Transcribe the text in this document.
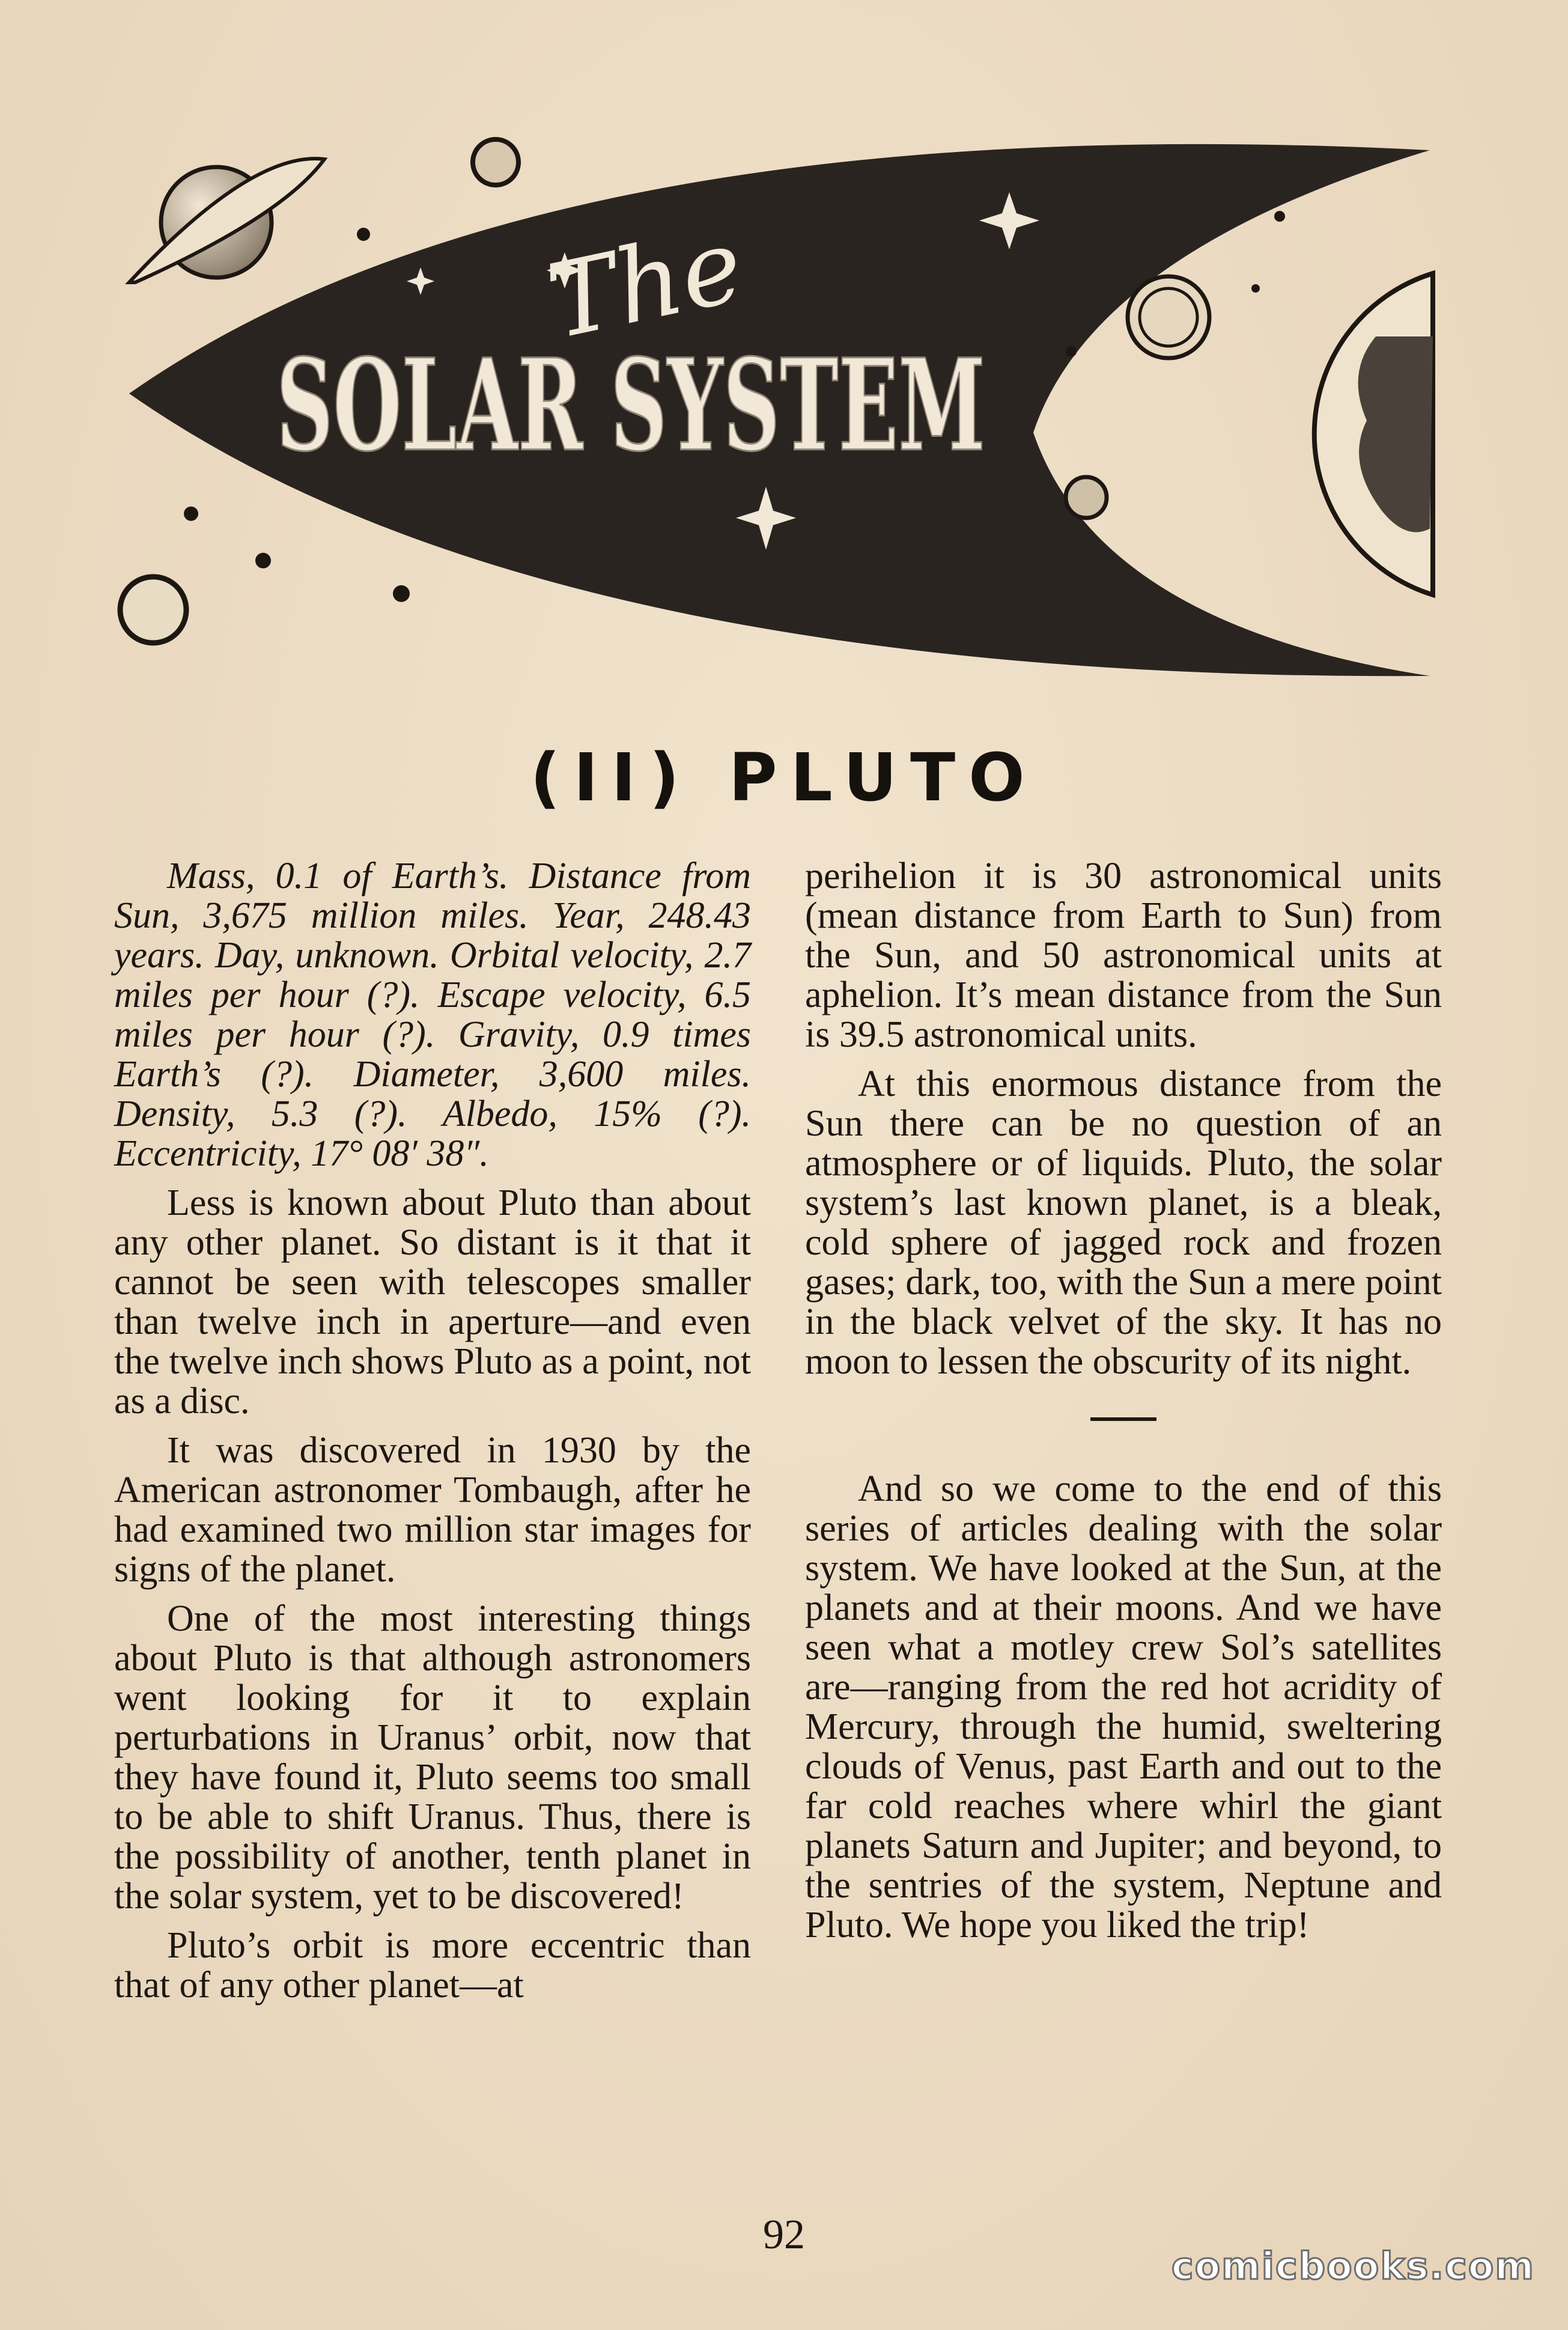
The
SOLAR SYSTEM
(II) PLUTO

Mass, 0.1 of Earth’s. Distance from Sun, 3,675 million miles. Year, 248.43 years. Day, unknown. Orbital velocity, 2.7 miles per hour (?). Escape velocity, 6.5 miles per hour (?). Gravity, 0.9 times Earth’s (?). Diameter, 3,600 miles. Density, 5.3 (?). Albedo, 15% (?). Eccentricity, 17° 08′ 38″.

Less is known about Pluto than about any other planet. So distant is it that it cannot be seen with telescopes smaller than twelve inch in aperture—and even the twelve inch shows Pluto as a point, not as a disc.

It was discovered in 1930 by the American astronomer Tombaugh, after he had examined two million star images for signs of the planet.

One of the most interesting things about Pluto is that although astronomers went looking for it to explain perturbations in Uranus’ orbit, now that they have found it, Pluto seems too small to be able to shift Uranus. Thus, there is the possibility of another, tenth planet in the solar system, yet to be discovered!

Pluto’s orbit is more eccentric than that of any other planet—at

perihelion it is 30 astronomical units (mean distance from Earth to Sun) from the Sun, and 50 astronomical units at aphelion. It’s mean distance from the Sun is 39.5 astronomical units.

At this enormous distance from the Sun there can be no question of an atmosphere or of liquids. Pluto, the solar system’s last known planet, is a bleak, cold sphere of jagged rock and frozen gases; dark, too, with the Sun a mere point in the black velvet of the sky. It has no moon to lessen the obscurity of its night.

And so we come to the end of this series of articles dealing with the solar system. We have looked at the Sun, at the planets and at their moons. And we have seen what a motley crew Sol’s satellites are—ranging from the red hot acridity of Mercury, through the humid, sweltering clouds of Venus, past Earth and out to the far cold reaches where whirl the giant planets Saturn and Jupiter; and beyond, to the sentries of the system, Neptune and Pluto. We hope you liked the trip!

92
comicbooks.com
